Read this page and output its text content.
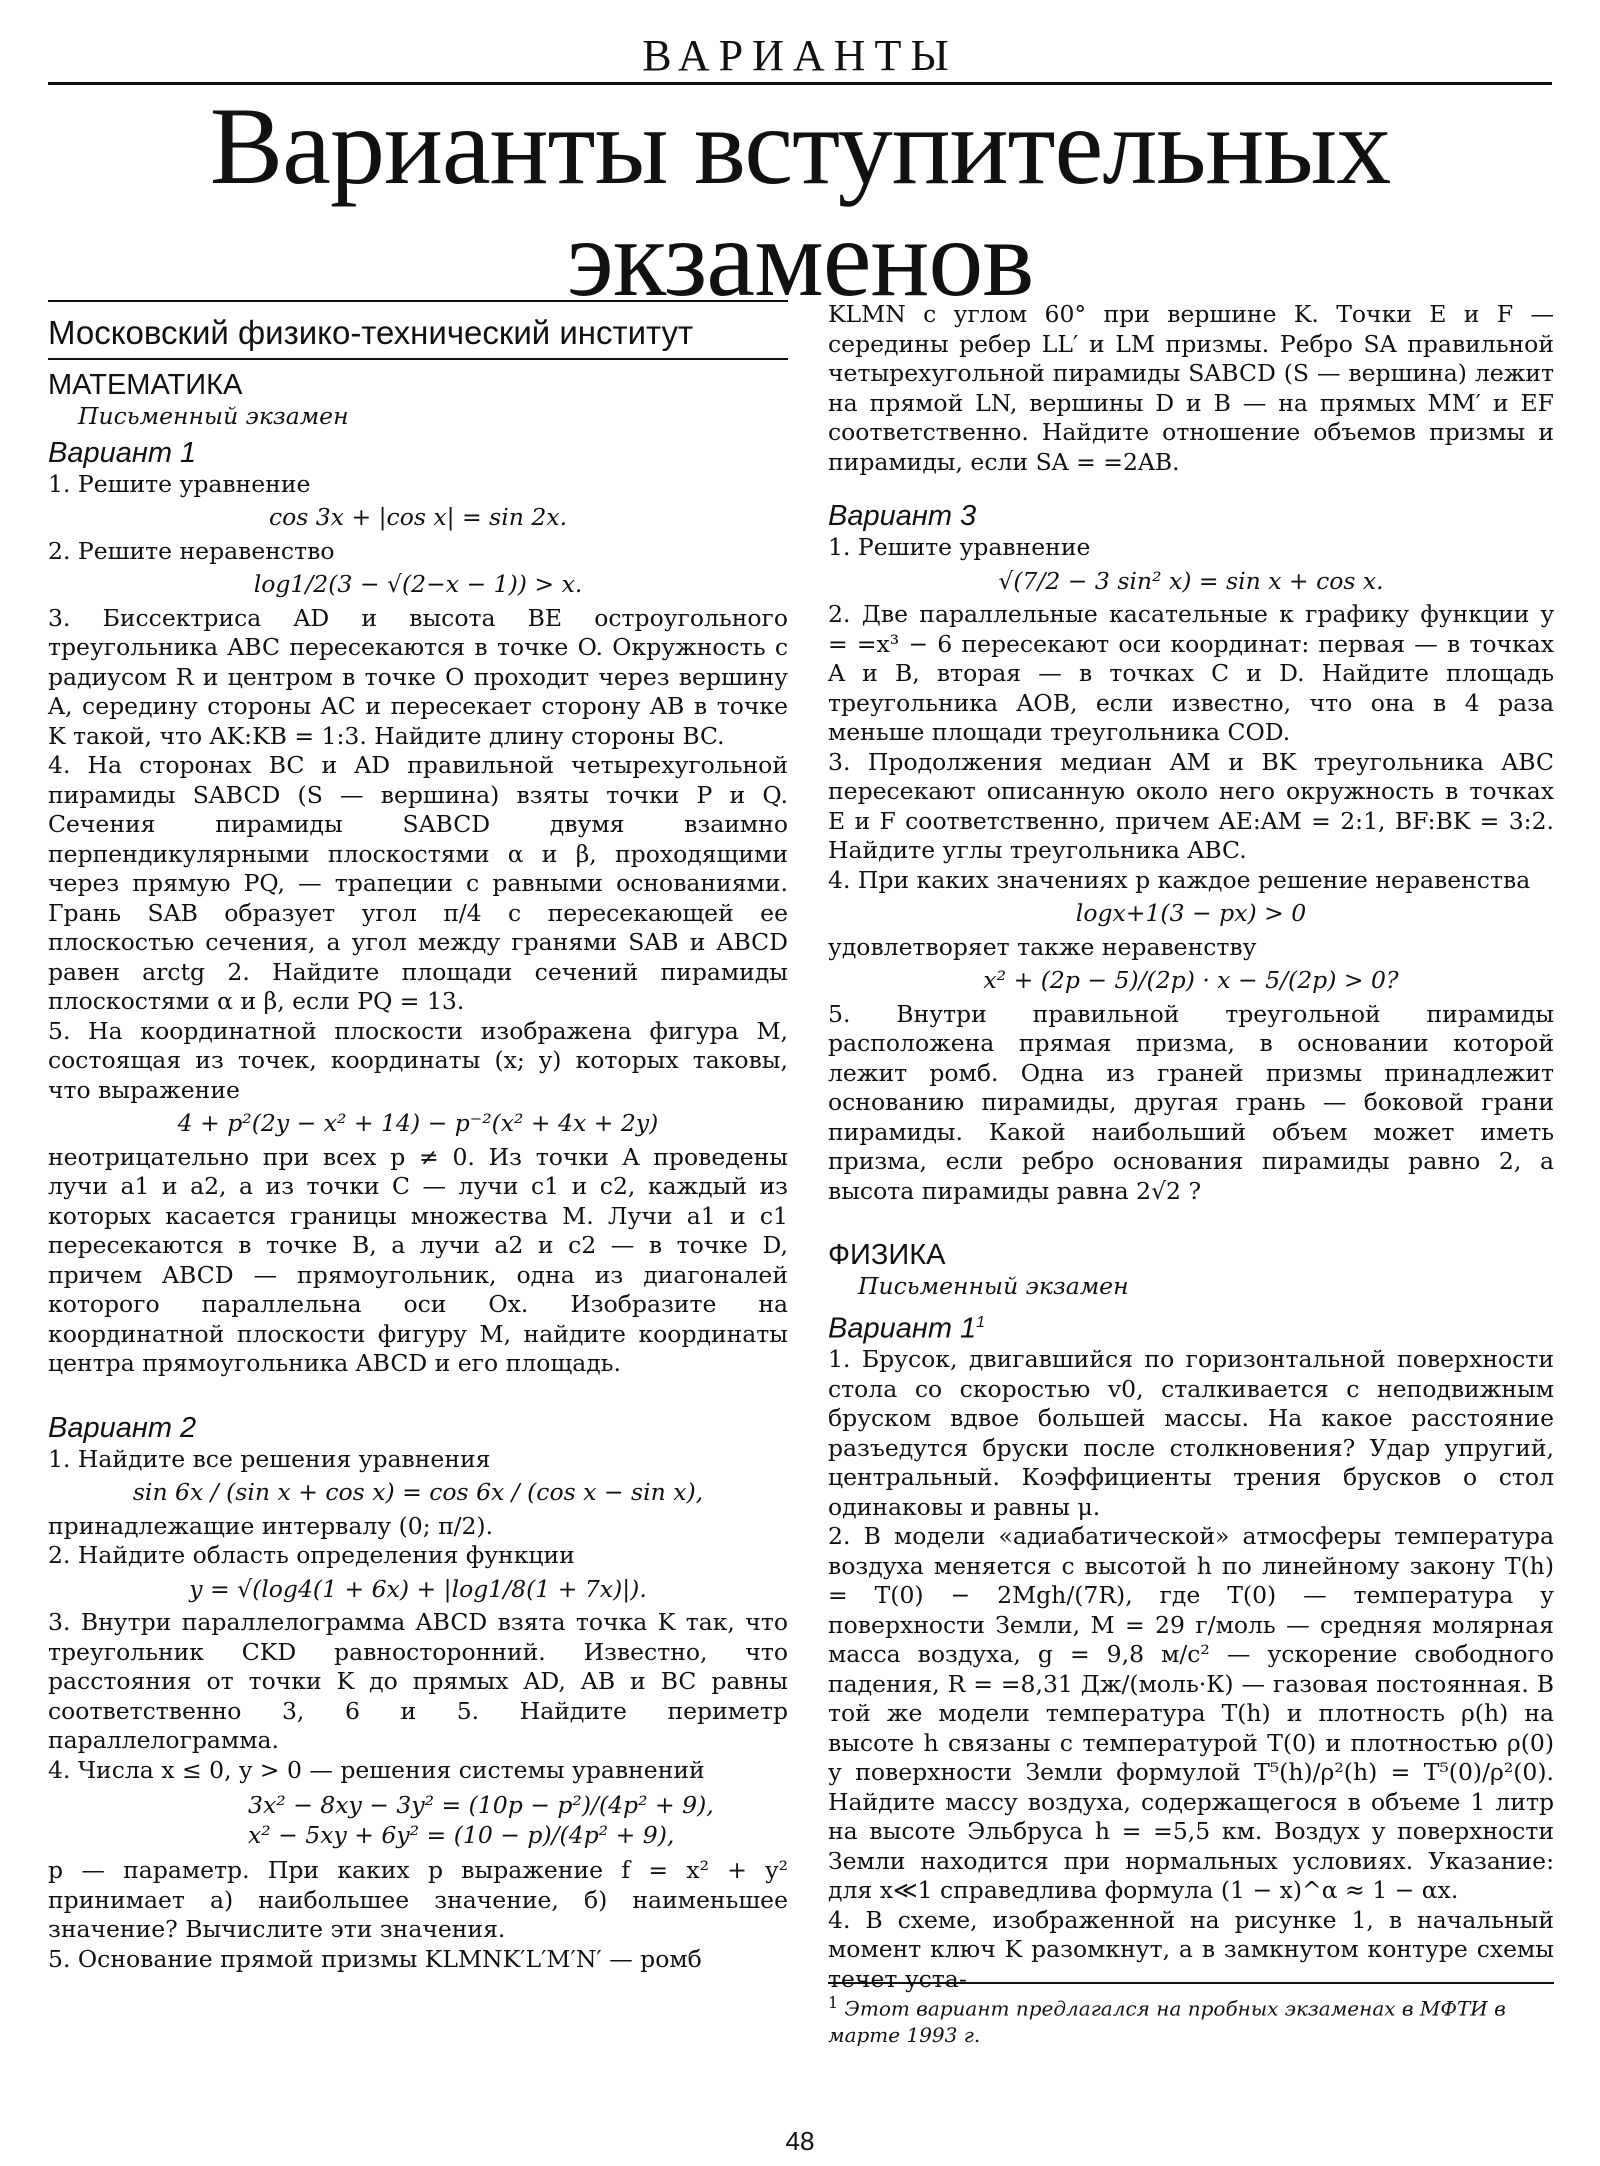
ВАРИАНТЫ
Варианты вступительных
экзаменов
Московский физико-технический институт
МАТЕМАТИКА
Письменный экзамен
Вариант 1

1. Решите уравнение

cos 3x + |cos x| = sin 2x.

2. Решите неравенство

log1/2(3 − √(2−x − 1)) > x.

3. Биссектриса AD и высота BE остроугольного треугольника ABC пересекаются в точке O. Окружность с радиусом R и центром в точке O проходит через вершину A, середину стороны AC и пересекает сторону AB в точке K такой, что AK:KB = 1:3. Найдите длину стороны BC.

4. На сторонах BC и AD правильной четырехугольной пирамиды SABCD (S — вершина) взяты точки P и Q. Сечения пирамиды SABCD двумя взаимно перпендикулярными плоскостями α и β, проходящими через прямую PQ, — трапеции с равными основаниями. Грань SAB образует угол π/4 с пересекающей ее плоскостью сечения, а угол между гранями SAB и ABCD равен arctg 2. Найдите площади сечений пирамиды плоскостями α и β, если PQ = 13.

5. На координатной плоскости изображена фигура M, состоящая из точек, координаты (x; y) которых таковы, что выражение

4 + p²(2y − x² + 14) − p⁻²(x² + 4x + 2y)

неотрицательно при всех p ≠ 0. Из точки A проведены лучи a1 и a2, а из точки C — лучи c1 и c2, каждый из которых касается границы множества M. Лучи a1 и c1 пересекаются в точке B, а лучи a2 и c2 — в точке D, причем ABCD — прямоугольник, одна из диагоналей которого параллельна оси Ox. Изобразите на координатной плоскости фигуру M, найдите координаты центра прямоугольника ABCD и его площадь.

Вариант 2

1. Найдите все решения уравнения

sin 6x / (sin x + cos x) = cos 6x / (cos x − sin x),

принадлежащие интервалу (0; π/2).

2. Найдите область определения функции

y = √(log4(1 + 6x) + |log1/8(1 + 7x)|).

3. Внутри параллелограмма ABCD взята точка K так, что треугольник CKD равносторонний. Известно, что расстояния от точки K до прямых AD, AB и BC равны соответственно 3, 6 и 5. Найдите периметр параллелограмма.

4. Числа x ≤ 0, y > 0 — решения системы уравнений

3x² − 8xy − 3y² = (10p − p²)/(4p² + 9),
x² − 5xy + 6y² = (10 − p)/(4p² + 9),

p — параметр. При каких p выражение f = x² + y² принимает а) наибольшее значение, б) наименьшее значение? Вычислите эти значения.

5. Основание прямой призмы KLMNK′L′M′N′ — ромб

KLMN с углом 60° при вершине K. Точки E и F — середины ребер LL′ и LM призмы. Ребро SA правильной четырехугольной пирамиды SABCD (S — вершина) лежит на прямой LN, вершины D и B — на прямых MM′ и EF соответственно. Найдите отношение объемов призмы и пирамиды, если SA = =2AB.

Вариант 3

1. Решите уравнение

√(7/2 − 3 sin² x) = sin x + cos x.

2. Две параллельные касательные к графику функции y = =x³ − 6 пересекают оси координат: первая — в точках A и B, вторая — в точках C и D. Найдите площадь треугольника AOB, если известно, что она в 4 раза меньше площади треугольника COD.

3. Продолжения медиан AM и BK треугольника ABC пересекают описанную около него окружность в точках E и F соответственно, причем AE:AM = 2:1, BF:BK = 3:2. Найдите углы треугольника ABC.

4. При каких значениях p каждое решение неравенства

logx+1(3 − px) > 0

удовлетворяет также неравенству

x² + (2p − 5)/(2p) · x − 5/(2p) > 0?

5. Внутри правильной треугольной пирамиды расположена прямая призма, в основании которой лежит ромб. Одна из граней призмы принадлежит основанию пирамиды, другая грань — боковой грани пирамиды. Какой наибольший объем может иметь призма, если ребро основания пирамиды равно 2, а высота пирамиды равна 2√2 ?

ФИЗИКА
Письменный экзамен
Вариант 1$^1$

1. Брусок, двигавшийся по горизонтальной поверхности стола со скоростью v0, сталкивается с неподвижным бруском вдвое большей массы. На какое расстояние разъедутся бруски после столкновения? Удар упругий, центральный. Коэффициенты трения брусков о стол одинаковы и равны μ.

2. В модели «адиабатической» атмосферы температура воздуха меняется с высотой h по линейному закону T(h) = T(0) − 2Mgh/(7R), где T(0) — температура у поверхности Земли, M = 29 г/моль — средняя молярная масса воздуха, g = 9,8 м/с² — ускорение свободного падения, R = =8,31 Дж/(моль·К) — газовая постоянная. В той же модели температура T(h) и плотность ρ(h) на высоте h связаны с температурой T(0) и плотностью ρ(0) у поверхности Земли формулой T⁵(h)/ρ²(h) = T⁵(0)/ρ²(0). Найдите массу воздуха, содержащегося в объеме 1 литр на высоте Эльбруса h = =5,5 км. Воздух у поверхности Земли находится при нормальных условиях. Указание: для x≪1 справедлива формула (1 − x)^α ≈ 1 − αx.

4. В схеме, изображенной на рисунке 1, в начальный момент ключ K разомкнут, а в замкнутом контуре схемы течет уста-

$^1$ Этот вариант предлагался на пробных экзаменах в МФТИ в марте 1993 г.
48
